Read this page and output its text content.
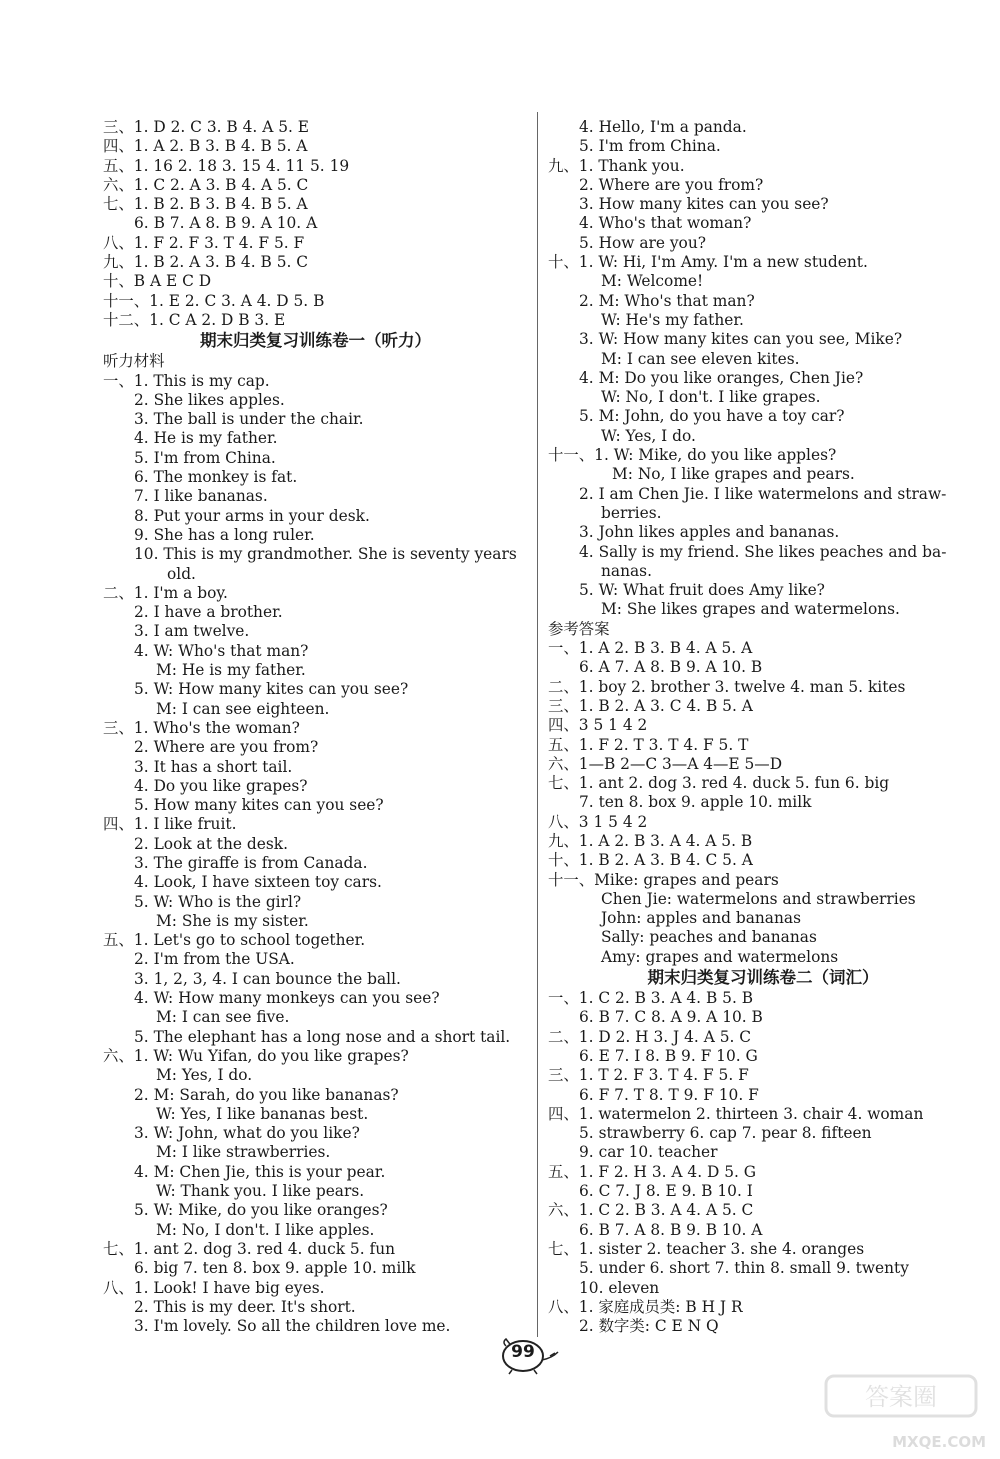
三、1. D 2. C 3. B 4. A 5. E
四、1. A 2. B 3. B 4. B 5. A
五、1. 16 2. 18 3. 15 4. 11 5. 19
六、1. C 2. A 3. B 4. A 5. C
七、1. B 2. B 3. B 4. B 5. A
6. B 7. A 8. B 9. A 10. A
八、1. F 2. F 3. T 4. F 5. F
九、1. B 2. A 3. B 4. B 5. C
十、B A E C D
十一、1. E 2. C 3. A 4. D 5. B
十二、1. C A 2. D B 3. E
期末归类复习训练卷一（听力）
听力材料
一、1. This is my cap.
2. She likes apples.
3. The ball is under the chair.
4. He is my father.
5. I'm from China.
6. The monkey is fat.
7. I like bananas.
8. Put your arms in your desk.
9. She has a long ruler.
10. This is my grandmother. She is seventy years
old.
二、1. I'm a boy.
2. I have a brother.
3. I am twelve.
4. W: Who's that man?
M: He is my father.
5. W: How many kites can you see?
M: I can see eighteen.
三、1. Who's the woman?
2. Where are you from?
3. It has a short tail.
4. Do you like grapes?
5. How many kites can you see?
四、1. I like fruit.
2. Look at the desk.
3. The giraffe is from Canada.
4. Look, I have sixteen toy cars.
5. W: Who is the girl?
M: She is my sister.
五、1. Let's go to school together.
2. I'm from the USA.
3. 1, 2, 3, 4. I can bounce the ball.
4. W: How many monkeys can you see?
M: I can see five.
5. The elephant has a long nose and a short tail.
六、1. W: Wu Yifan, do you like grapes?
M: Yes, I do.
2. M: Sarah, do you like bananas?
W: Yes, I like bananas best.
3. W: John, what do you like?
M: I like strawberries.
4. M: Chen Jie, this is your pear.
W: Thank you. I like pears.
5. W: Mike, do you like oranges?
M: No, I don't. I like apples.
七、1. ant 2. dog 3. red 4. duck 5. fun
6. big 7. ten 8. box 9. apple 10. milk
八、1. Look! I have big eyes.
2. This is my deer. It's short.
3. I'm lovely. So all the children love me.
4. Hello, I'm a panda.
5. I'm from China.
九、1. Thank you.
2. Where are you from?
3. How many kites can you see?
4. Who's that woman?
5. How are you?
十、1. W: Hi, I'm Amy. I'm a new student.
M: Welcome!
2. M: Who's that man?
W: He's my father.
3. W: How many kites can you see, Mike?
M: I can see eleven kites.
4. M: Do you like oranges, Chen Jie?
W: No, I don't. I like grapes.
5. M: John, do you have a toy car?
W: Yes, I do.
十一、1. W: Mike, do you like apples?
M: No, I like grapes and pears.
2. I am Chen Jie. I like watermelons and straw-
berries.
3. John likes apples and bananas.
4. Sally is my friend. She likes peaches and ba-
nanas.
5. W: What fruit does Amy like?
M: She likes grapes and watermelons.
参考答案
一、1. A 2. B 3. B 4. A 5. A
6. A 7. A 8. B 9. A 10. B
二、1. boy 2. brother 3. twelve 4. man 5. kites
三、1. B 2. A 3. C 4. B 5. A
四、3 5 1 4 2
五、1. F 2. T 3. T 4. F 5. T
六、1—B 2—C 3—A 4—E 5—D
七、1. ant 2. dog 3. red 4. duck 5. fun 6. big
7. ten 8. box 9. apple 10. milk
八、3 1 5 4 2
九、1. A 2. B 3. A 4. A 5. B
十、1. B 2. A 3. B 4. C 5. A
十一、Mike: grapes and pears
Chen Jie: watermelons and strawberries
John: apples and bananas
Sally: peaches and bananas
Amy: grapes and watermelons
期末归类复习训练卷二（词汇）
一、1. C 2. B 3. A 4. B 5. B
6. B 7. C 8. A 9. A 10. B
二、1. D 2. H 3. J 4. A 5. C
6. E 7. I 8. B 9. F 10. G
三、1. T 2. F 3. T 4. F 5. F
6. F 7. T 8. T 9. F 10. F
四、1. watermelon 2. thirteen 3. chair 4. woman
5. strawberry 6. cap 7. pear 8. fifteen
9. car 10. teacher
五、1. F 2. H 3. A 4. D 5. G
6. C 7. J 8. E 9. B 10. I
六、1. C 2. B 3. A 4. A 5. C
6. B 7. A 8. B 9. B 10. A
七、1. sister 2. teacher 3. she 4. oranges
5. under 6. short 7. thin 8. small 9. twenty
10. eleven
八、1. 家庭成员类: B H J R
2. 数字类: C E N Q
99
答案圈
MXQE.COM
